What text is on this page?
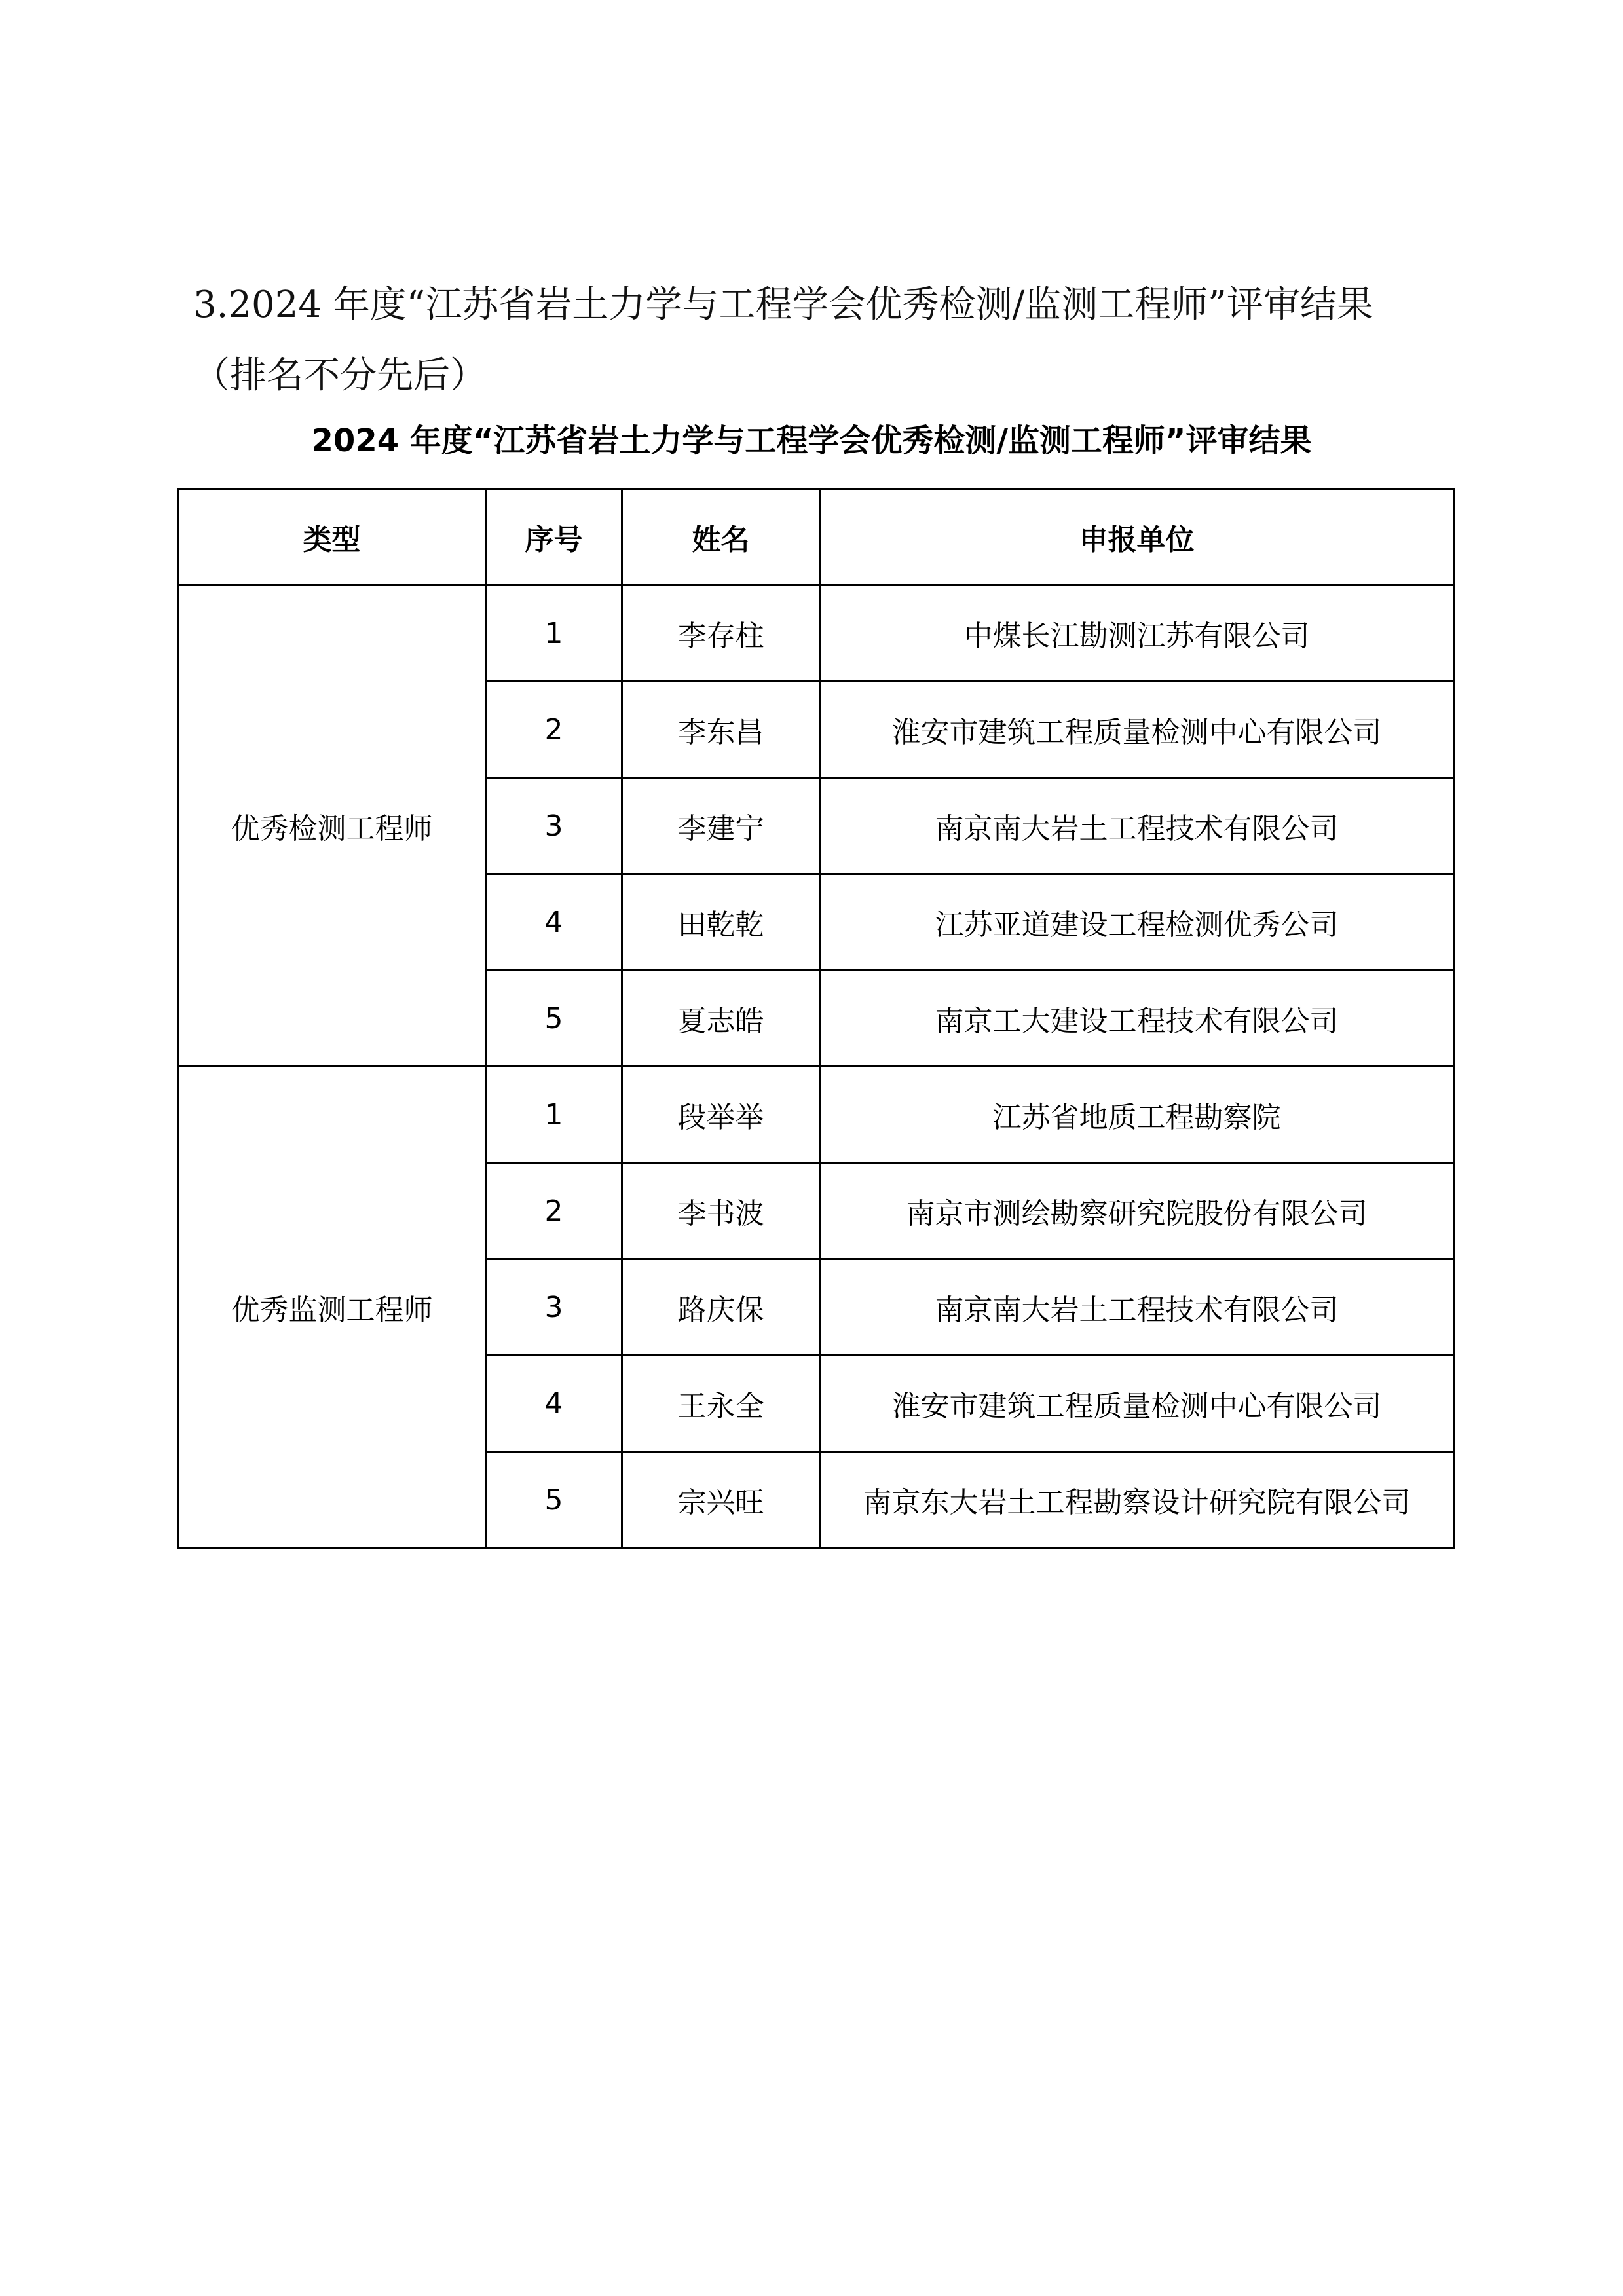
3.2024 年度“江苏省岩土力学与工程学会优秀检测/监测工程师”评审结果
（排名不分先后）
2024 年度“江苏省岩土力学与工程学会优秀检测/监测工程师”评审结果
类型	序号	姓名	申报单位
优秀检测工程师	1	李存柱	中煤长江勘测江苏有限公司
	2	李东昌	淮安市建筑工程质量检测中心有限公司
	3	李建宁	南京南大岩土工程技术有限公司
	4	田乾乾	江苏亚道建设工程检测优秀公司
	5	夏志皓	南京工大建设工程技术有限公司
优秀监测工程师	1	段举举	江苏省地质工程勘察院
	2	李书波	南京市测绘勘察研究院股份有限公司
	3	路庆保	南京南大岩土工程技术有限公司
	4	王永全	淮安市建筑工程质量检测中心有限公司
	5	宗兴旺	南京东大岩土工程勘察设计研究院有限公司
